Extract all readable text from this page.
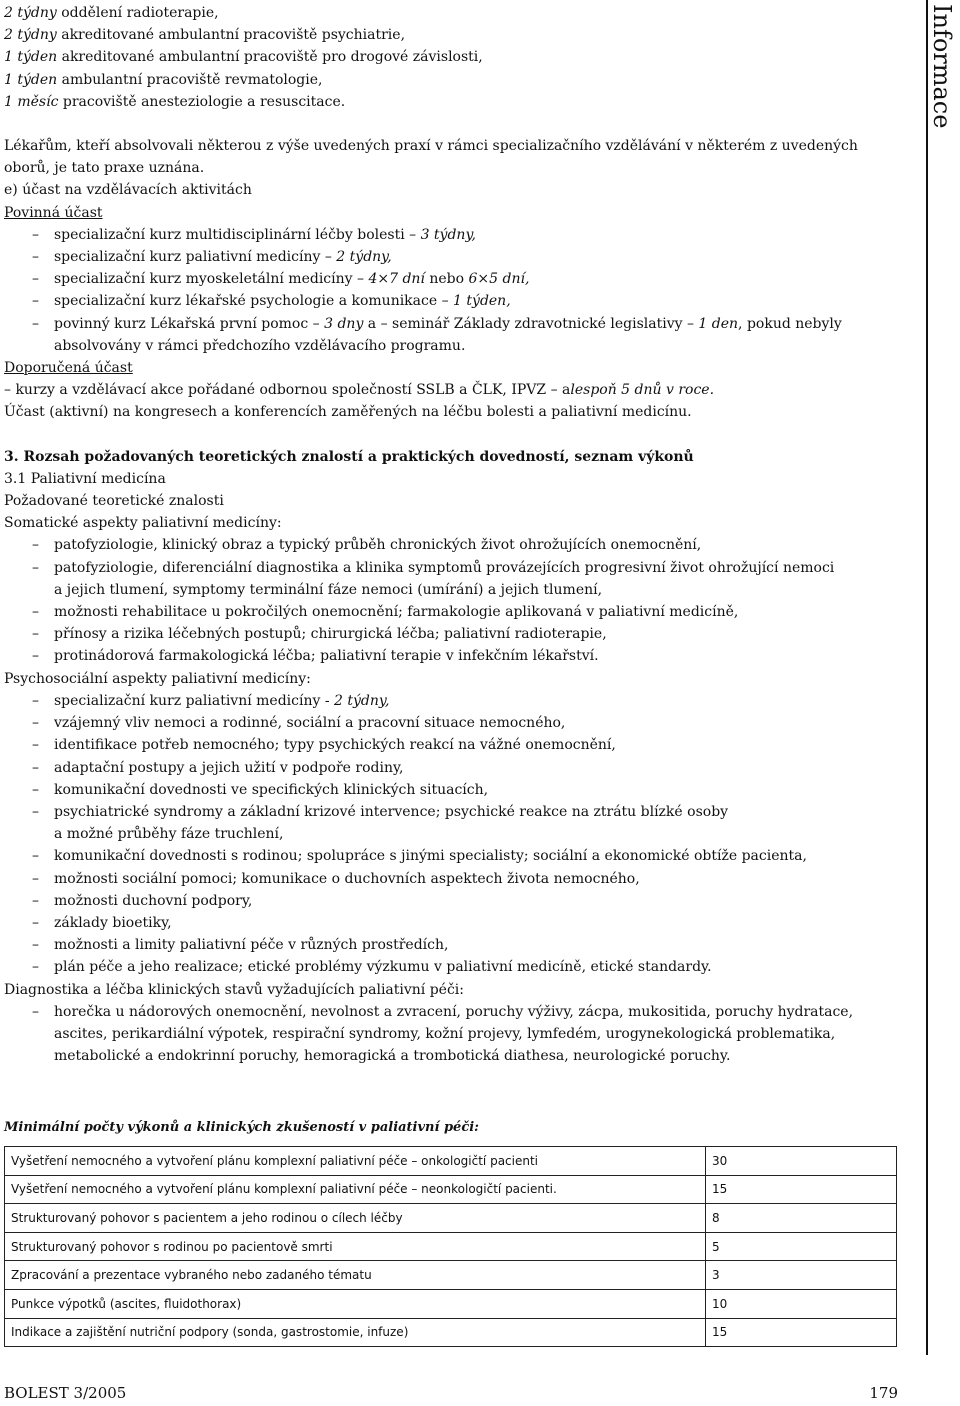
Informace
2 týdny oddělení radioterapie,
2 týdny akreditované ambulantní pracoviště psychiatrie,
1 týden akreditované ambulantní pracoviště pro drogové závislosti,
1 týden ambulantní pracoviště revmatologie,
1 měsíc pracoviště anesteziologie a resuscitace.
Lékařům, kteří absolvovali některou z výše uvedených praxí v rámci specializačního vzdělávání v některém z uvedených
oborů, je tato praxe uznána.
e) účast na vzdělávacích aktivitách
Povinná účast
– specializační kurz multidisciplinární léčby bolesti – 3 týdny,
– specializační kurz paliativní medicíny – 2 týdny,
– specializační kurz myoskeletální medicíny – 4×7 dní nebo 6×5 dní,
– specializační kurz lékařské psychologie a komunikace – 1 týden,
– povinný kurz Lékařská první pomoc – 3 dny a – seminář Základy zdravotnické legislativy – 1 den, pokud nebyly
absolvovány v rámci předchozího vzdělávacího programu.
Doporučená účast
– kurzy a vzdělávací akce pořádané odbornou společností SSLB a ČLK, IPVZ – alespoň 5 dnů v roce.
Účast (aktivní) na kongresech a konferencích zaměřených na léčbu bolesti a paliativní medicínu.
3. Rozsah požadovaných teoretických znalostí a praktických dovedností, seznam výkonů
3.1 Paliativní medicína
Požadované teoretické znalosti
Somatické aspekty paliativní medicíny:
– patofyziologie, klinický obraz a typický průběh chronických život ohrožujících onemocnění,
– patofyziologie, diferenciální diagnostika a klinika symptomů provázejících progresivní život ohrožující nemoci
a jejich tlumení, symptomy terminální fáze nemoci (umírání) a jejich tlumení,
– možnosti rehabilitace u pokročilých onemocnění; farmakologie aplikovaná v paliativní medicíně,
– přínosy a rizika léčebných postupů; chirurgická léčba; paliativní radioterapie,
– protinádorová farmakologická léčba; paliativní terapie v infekčním lékařství.
Psychosociální aspekty paliativní medicíny:
– specializační kurz paliativní medicíny - 2 týdny,
– vzájemný vliv nemoci a rodinné, sociální a pracovní situace nemocného,
– identifikace potřeb nemocného; typy psychických reakcí na vážné onemocnění,
– adaptační postupy a jejich užití v podpoře rodiny,
– komunikační dovednosti ve specifických klinických situacích,
– psychiatrické syndromy a základní krizové intervence; psychické reakce na ztrátu blízké osoby
a možné průběhy fáze truchlení,
– komunikační dovednosti s rodinou; spolupráce s jinými specialisty; sociální a ekonomické obtíže pacienta,
– možnosti sociální pomoci; komunikace o duchovních aspektech života nemocného,
– možnosti duchovní podpory,
– základy bioetiky,
– možnosti a limity paliativní péče v různých prostředích,
– plán péče a jeho realizace; etické problémy výzkumu v paliativní medicíně, etické standardy.
Diagnostika a léčba klinických stavů vyžadujících paliativní péči:
– horečka u nádorových onemocnění, nevolnost a zvracení, poruchy výživy, zácpa, mukositida, poruchy hydratace,
ascites, perikardiální výpotek, respirační syndromy, kožní projevy, lymfedém, urogynekologická problematika,
metabolické a endokrinní poruchy, hemoragická a trombotická diathesa, neurologické poruchy.
Minimální počty výkonů a klinických zkušeností v paliativní péči:
Vyšetření nemocného a vytvoření plánu komplexní paliativní péče – onkologičtí pacienti	30
Vyšetření nemocného a vytvoření plánu komplexní paliativní péče – neonkologičtí pacienti.	15
Strukturovaný pohovor s pacientem a jeho rodinou o cílech léčby	8
Strukturovaný pohovor s rodinou po pacientově smrti	5
Zpracování a prezentace vybraného nebo zadaného tématu	3
Punkce výpotků (ascites, fluidothorax)	10
Indikace a zajištění nutriční podpory (sonda, gastrostomie, infuze)	15
BOLEST 3/2005	179
